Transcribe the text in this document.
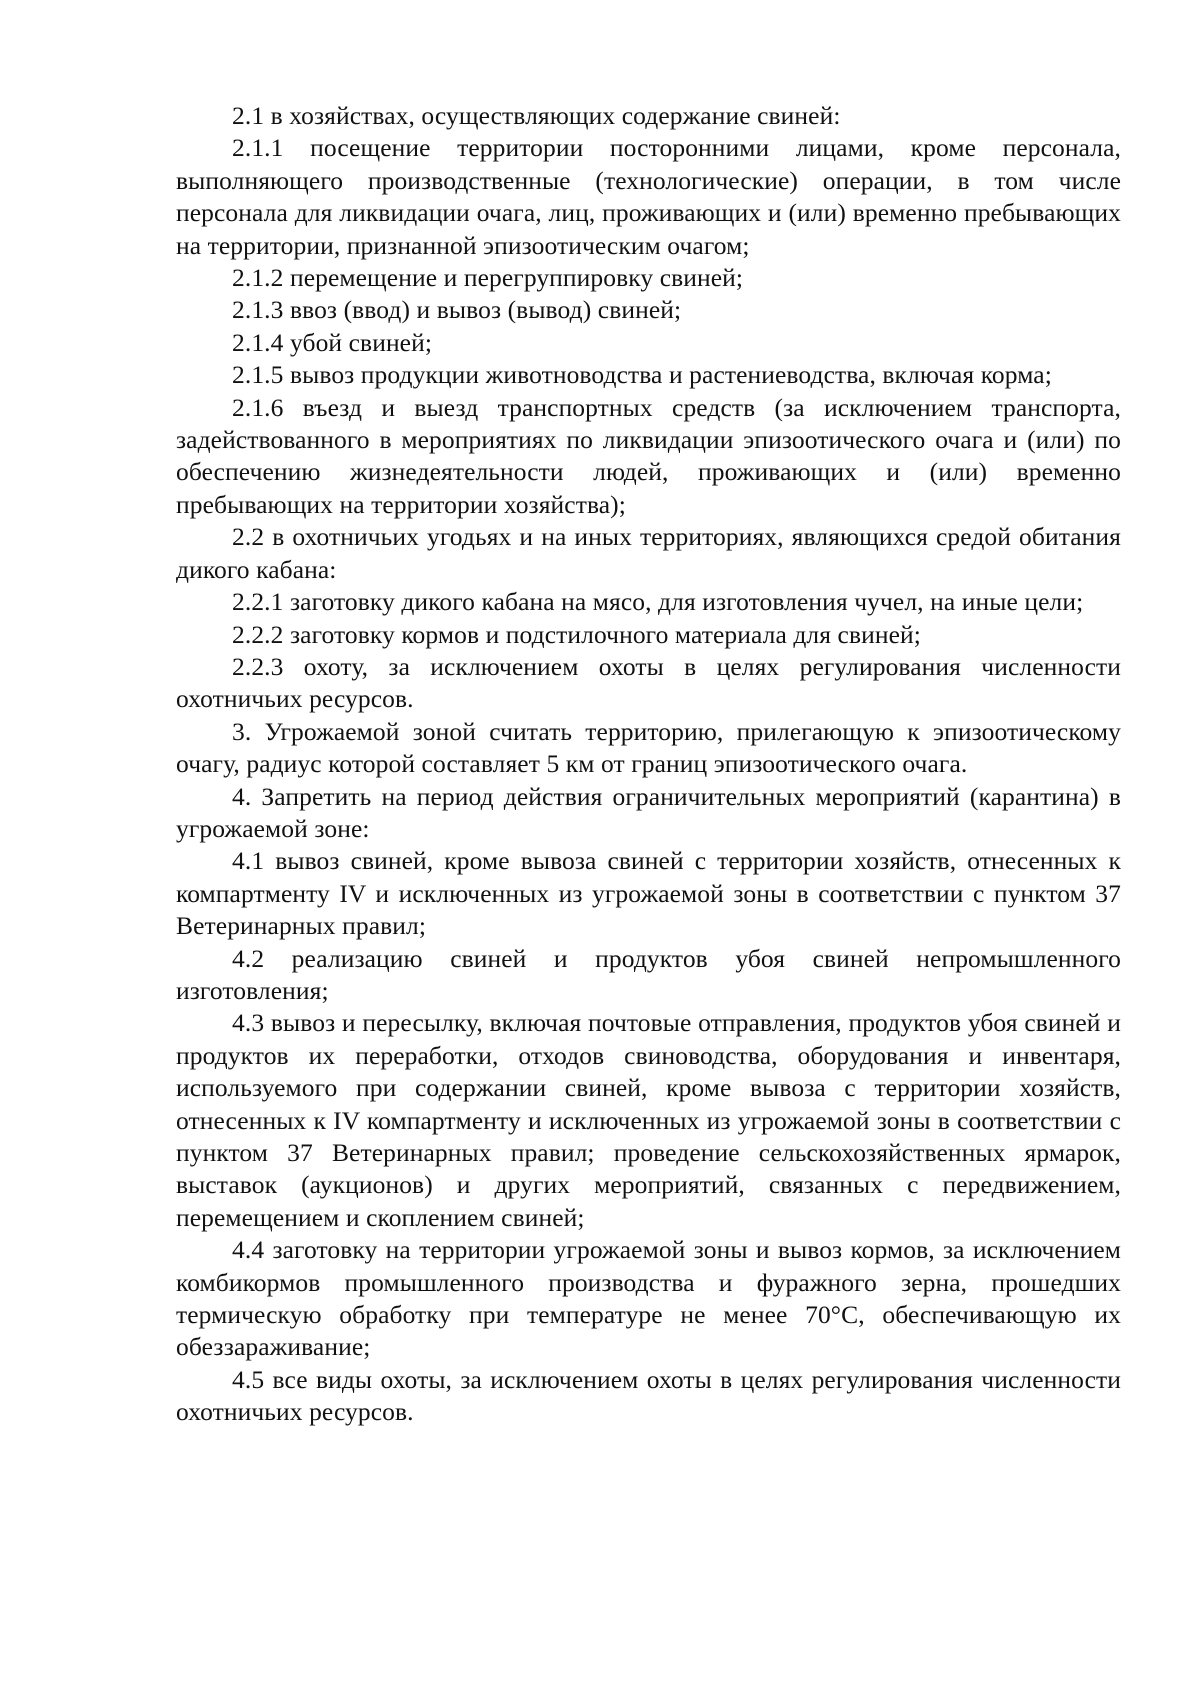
2.1 в хозяйствах, осуществляющих содержание свиней:

2.1.1 посещение территории посторонними лицами, кроме персонала, выполняющего производственные (технологические) операции, в том числе персонала для ликвидации очага, лиц, проживающих и (или) временно пребывающих на территории, признанной эпизоотическим очагом;

2.1.2 перемещение и перегруппировку свиней;

2.1.3 ввоз (ввод) и вывоз (вывод) свиней;

2.1.4 убой свиней;

2.1.5 вывоз продукции животноводства и растениеводства, включая корма;

2.1.6 въезд и выезд транспортных средств (за исключением транспорта, задействованного в мероприятиях по ликвидации эпизоотического очага и (или) по обеспечению жизнедеятельности людей, проживающих и (или) временно пребывающих на территории хозяйства);

2.2 в охотничьих угодьях и на иных территориях, являющихся средой обитания дикого кабана:

2.2.1 заготовку дикого кабана на мясо, для изготовления чучел, на иные цели;

2.2.2 заготовку кормов и подстилочного материала для свиней;

2.2.3 охоту, за исключением охоты в целях регулирования численности охотничьих ресурсов.

3. Угрожаемой зоной считать территорию, прилегающую к эпизоотическому очагу, радиус которой составляет 5 км от границ эпизоотического очага.

4. Запретить на период действия ограничительных мероприятий (карантина) в угрожаемой зоне:

4.1 вывоз свиней, кроме вывоза свиней с территории хозяйств, отнесенных к компартменту IV и исключенных из угрожаемой зоны в соответствии с пунктом 37 Ветеринарных правил;

4.2 реализацию свиней и продуктов убоя свиней непромышленного изготовления;

4.3 вывоз и пересылку, включая почтовые отправления, продуктов убоя свиней и продуктов их переработки, отходов свиноводства, оборудования и инвентаря, используемого при содержании свиней, кроме вывоза с территории хозяйств, отнесенных к IV компартменту и исключенных из угрожаемой зоны в соответствии с пунктом 37 Ветеринарных правил; проведение сельскохозяйственных ярмарок, выставок (аукционов) и других мероприятий, связанных с передвижением, перемещением и скоплением свиней;

4.4 заготовку на территории угрожаемой зоны и вывоз кормов, за исключением комбикормов промышленного производства и фуражного зерна, прошедших термическую обработку при температуре не менее 70°С, обеспечивающую их обеззараживание;

4.5 все виды охоты, за исключением охоты в целях регулирования численности охотничьих ресурсов.
